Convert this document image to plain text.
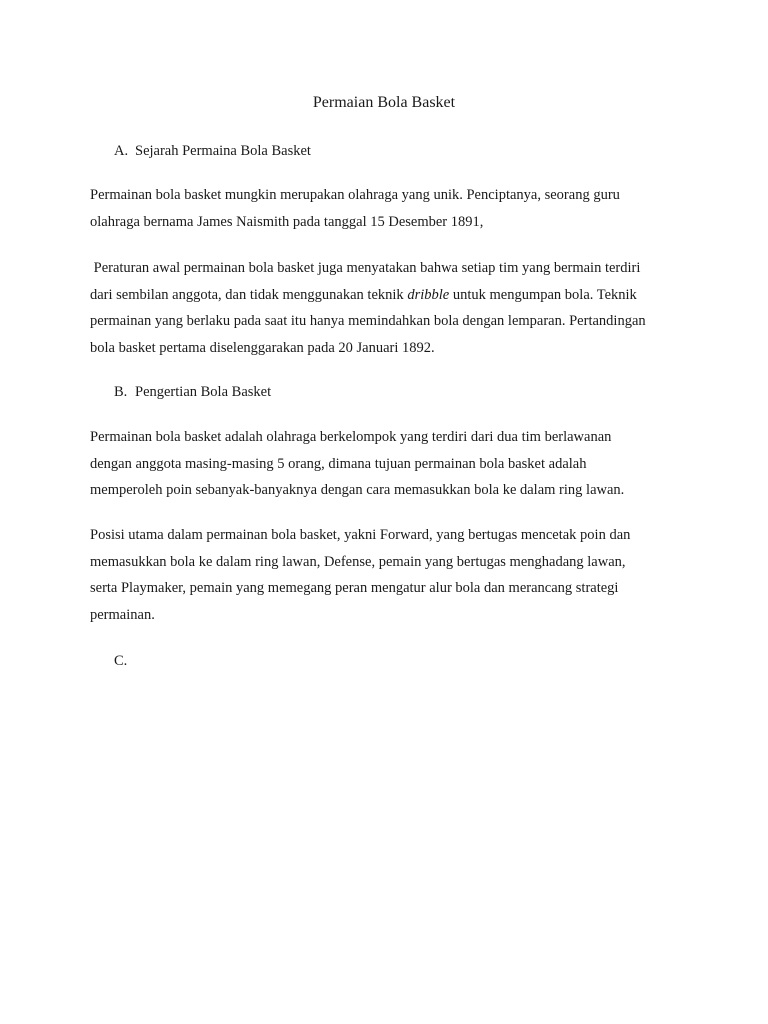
Permaian Bola Basket
A. Sejarah Permaina Bola Basket
Permainan bola basket mungkin merupakan olahraga yang unik. Penciptanya, seorang guru
olahraga bernama James Naismith pada tanggal 15 Desember 1891,
Peraturan awal permainan bola basket juga menyatakan bahwa setiap tim yang bermain terdiri
dari sembilan anggota, dan tidak menggunakan teknik dribble untuk mengumpan bola. Teknik
permainan yang berlaku pada saat itu hanya memindahkan bola dengan lemparan. Pertandingan
bola basket pertama diselenggarakan pada 20 Januari 1892.
B. Pengertian Bola Basket
Permainan bola basket adalah olahraga berkelompok yang terdiri dari dua tim berlawanan
dengan anggota masing-masing 5 orang, dimana tujuan permainan bola basket adalah
memperoleh poin sebanyak-banyaknya dengan cara memasukkan bola ke dalam ring lawan.
Posisi utama dalam permainan bola basket, yakni Forward, yang bertugas mencetak poin dan
memasukkan bola ke dalam ring lawan, Defense, pemain yang bertugas menghadang lawan,
serta Playmaker, pemain yang memegang peran mengatur alur bola dan merancang strategi
permainan.
C.
